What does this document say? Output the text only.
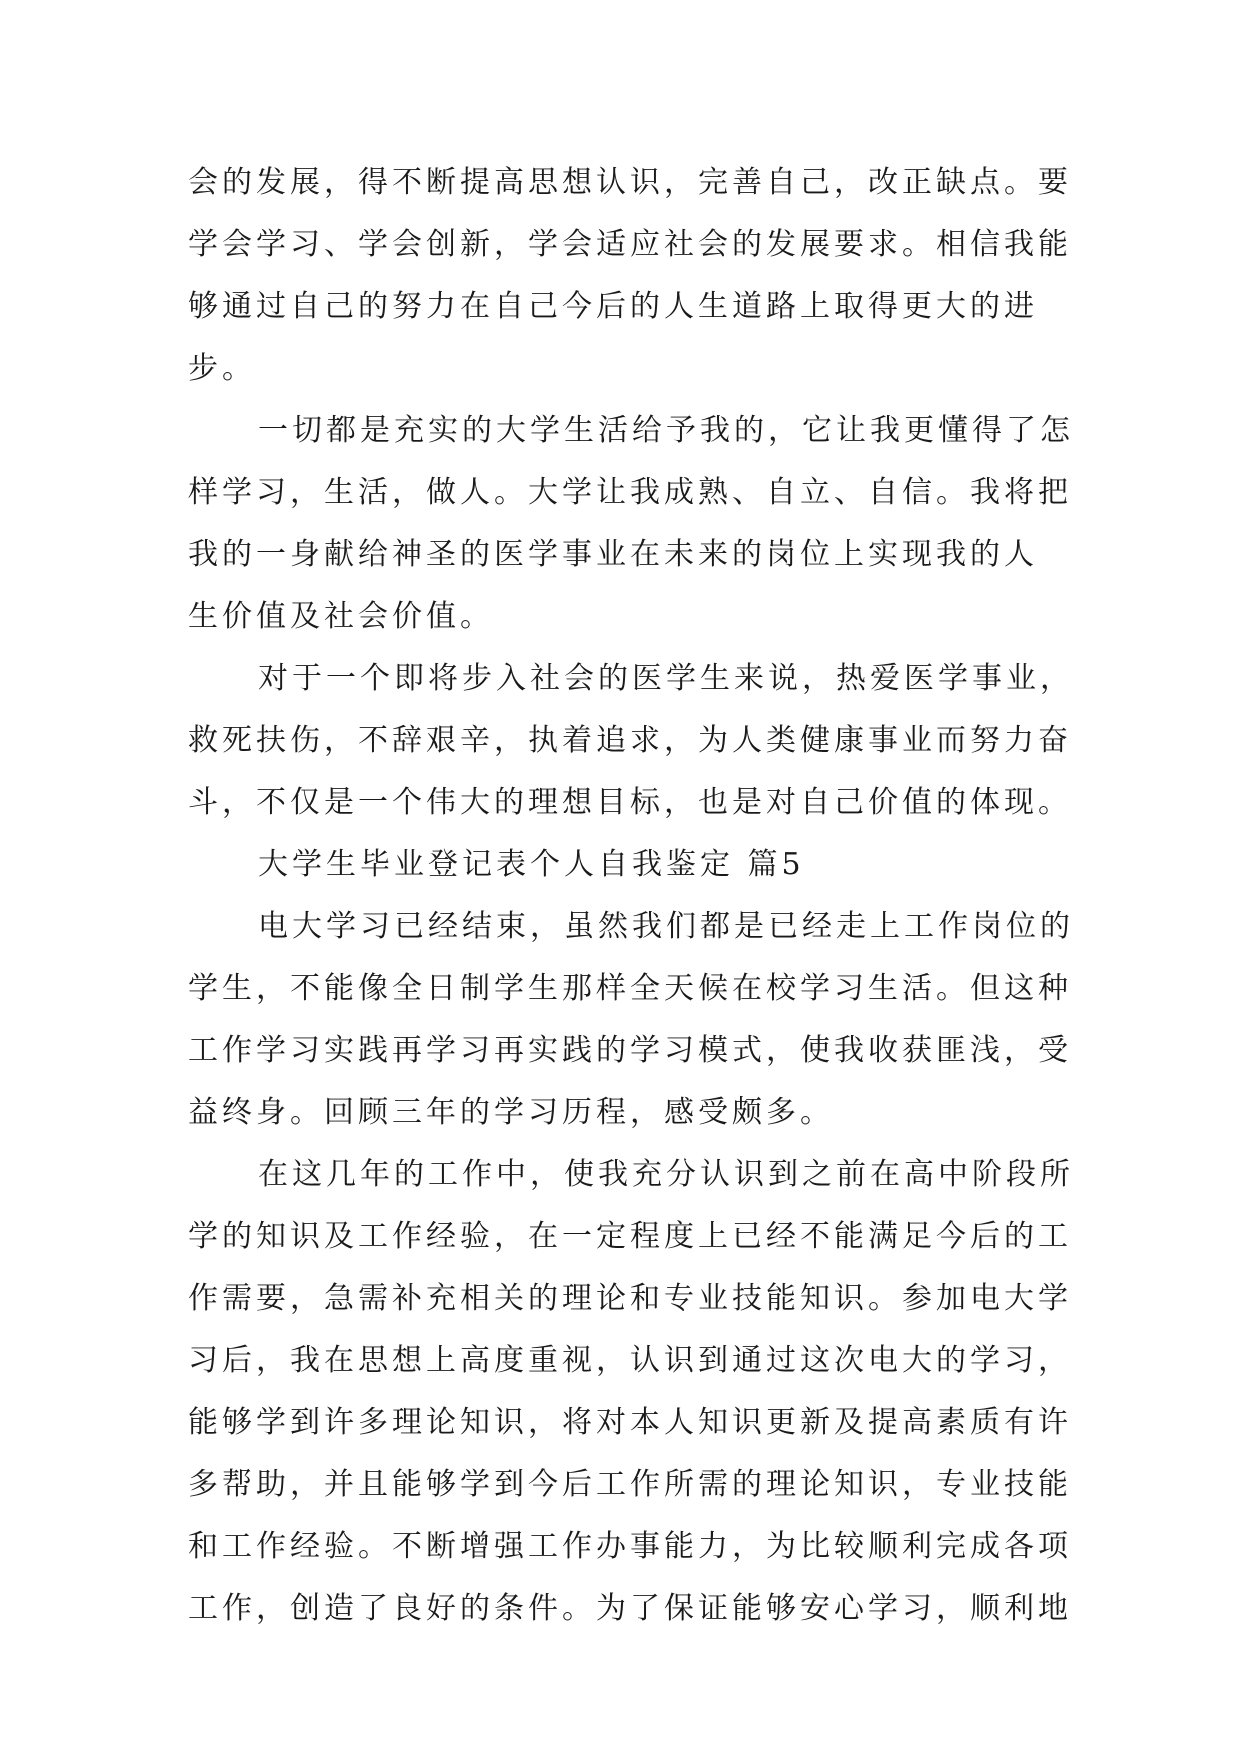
会的发展，得不断提高思想认识，完善自己，改正缺点。要
学会学习、学会创新，学会适应社会的发展要求。相信我能
够通过自己的努力在自己今后的人生道路上取得更大的进
步。
一切都是充实的大学生活给予我的，它让我更懂得了怎
样学习，生活，做人。大学让我成熟、自立、自信。我将把
我的一身献给神圣的医学事业在未来的岗位上实现我的人
生价值及社会价值。
对于一个即将步入社会的医学生来说，热爱医学事业，
救死扶伤，不辞艰辛，执着追求，为人类健康事业而努力奋
斗，不仅是一个伟大的理想目标，也是对自己价值的体现。
大学生毕业登记表个人自我鉴定 篇5
电大学习已经结束，虽然我们都是已经走上工作岗位的
学生，不能像全日制学生那样全天候在校学习生活。但这种
工作学习实践再学习再实践的学习模式，使我收获匪浅，受
益终身。回顾三年的学习历程，感受颇多。
在这几年的工作中，使我充分认识到之前在高中阶段所
学的知识及工作经验，在一定程度上已经不能满足今后的工
作需要，急需补充相关的理论和专业技能知识。参加电大学
习后，我在思想上高度重视，认识到通过这次电大的学习，
能够学到许多理论知识，将对本人知识更新及提高素质有许
多帮助，并且能够学到今后工作所需的理论知识，专业技能
和工作经验。不断增强工作办事能力，为比较顺利完成各项
工作，创造了良好的条件。为了保证能够安心学习，顺利地
